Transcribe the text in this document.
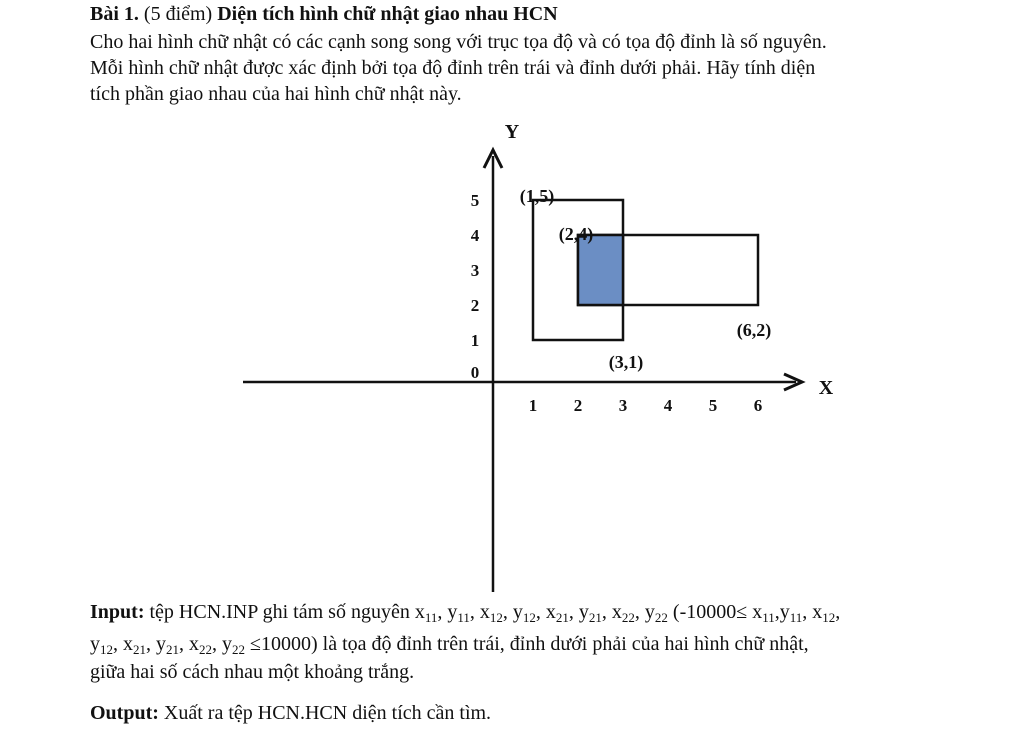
Bài 1. (5 điểm) Diện tích hình chữ nhật giao nhau HCN
Cho hai hình chữ nhật có các cạnh song song với trục tọa độ và có tọa độ đỉnh là số nguyên.
Mỗi hình chữ nhật được xác định bởi tọa độ đỉnh trên trái và đỉnh dưới phải. Hãy tính diện
tích phần giao nhau của hai hình chữ nhật này.
Y
X
0
1
2
3
4
5
1 2 3 4 5 6
(1,5)
(2,4)
(6,2)
(3,1)
Input: tệp HCN.INP ghi tám số nguyên $x_{11}$, $y_{11}$, $x_{12}$, $y_{12}$, $x_{21}$, $y_{21}$, $x_{22}$, $y_{22}$ ($-10000\le x_{11},y_{11}$, $x_{12}$,
$y_{12}$, $x_{21}$, $y_{21}$, $x_{22}$, $y_{22} \le 10000$) là tọa độ đỉnh trên trái, đỉnh dưới phải của hai hình chữ nhật,
giữa hai số cách nhau một khoảng trắng.
Output: Xuất ra tệp HCN.HCN diện tích cần tìm.
